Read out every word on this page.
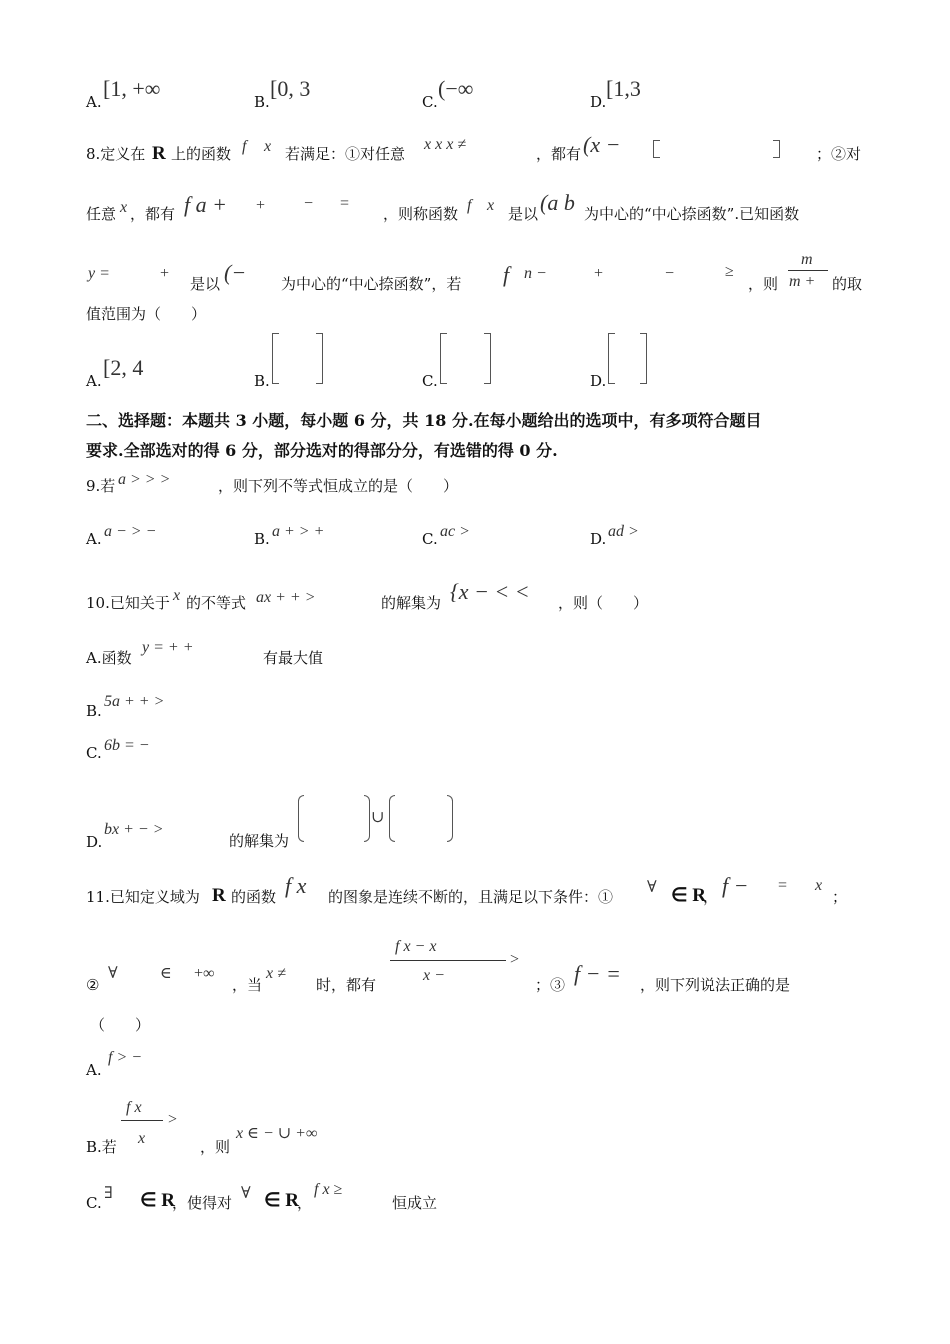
A.
[1, +∞
B.
[0, 3
C.
(−∞
D.
[1,3
8.定义在 R 上的函数 f x 若满足：①对任意
x x x ≠
，都有 (x −	；②对
任意 x ，都有 f a + + − =
，则称函数 f x 是以 (a b 为中心的“中心捺函数”.已知函数
y =	+
是以 (− 为中心的“中心捺函数”，若 f n −	+	−	≥
，则
m
m + 的取
值范围为（　　）
A.
[2, 4
B.	C.	D.
二、选择题：本题共 3 小题，每小题 6 分，共 18 分.在每小题给出的选项中，有多项符合题目
要求.全部选对的得 6 分，部分选对的得部分分，有选错的得 0 分.
9.若 a > > >	，则下列不等式恒成立的是（　　）
A. a − > −	B. a + > +	C. ac >	D. ad >
10.已知关于 x 的不等式 ax + + >	的解集为 {x − < < ，则（　　）
A.函数
y = + +
有最大值
B.
5a + + >
C. 6b = −
D.
bx + − >
的解集为
∪
11.已知定义域为 R 的函数 f x 的图象是连续不断的，且满足以下条件：①
∀ ∈ R
， f − = x
；
②
∀	∈ +∞
，当
x ≠
时，都有
f x − x
x −
>
；③ f − = ，则下列说法正确的是
（　　）
A.
f > −
B.若
f x
x
>
，则
x ∈ − ∪ +∞
C.
∃ ∈ R
，使得对
∀ ∈ R
，
f x ≥
恒成立
